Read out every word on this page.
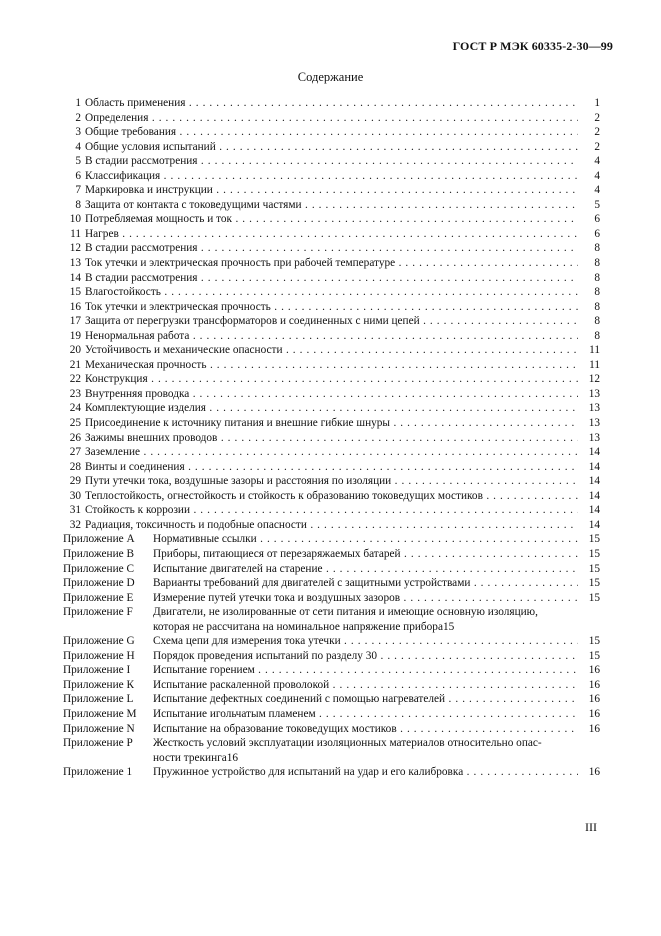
ГОСТ Р МЭК 60335-2-30—99
Содержание
1 Область применения . . .	1
2 Определения . . .	2
3 Общие требования . . .	2
4 Общие условия испытаний . . .	2
5 В стадии рассмотрения . . .	4
6 Классификация . . .	4
7 Маркировка и инструкции . . .	4
8 Защита от контакта с токоведущими частями . . .	5
10 Потребляемая мощность и ток . . .	6
11 Нагрев . . .	6
12 В стадии рассмотрения . . .	8
13 Ток утечки и электрическая прочность при рабочей температуре . . .	8
14 В стадии рассмотрения . . .	8
15 Влагостойкость . . .	8
16 Ток утечки и электрическая прочность . . .	8
17 Защита от перегрузки трансформаторов и соединенных с ними цепей . . .	8
19 Ненормальная работа . . .	8
20 Устойчивость и механические опасности . . .	11
21 Механическая прочность . . .	11
22 Конструкция . . .	12
23 Внутренняя проводка . . .	13
24 Комплектующие изделия . . .	13
25 Присоединение к источнику питания и внешние гибкие шнуры . . .	13
26 Зажимы внешних проводов . . .	13
27 Заземление . . .	14
28 Винты и соединения . . .	14
29 Пути утечки тока, воздушные зазоры и расстояния по изоляции . . .	14
30 Теплостойкость, огнестойкость и стойкость к образованию токоведущих мостиков . . .	14
31 Стойкость к коррозии . . .	14
32 Радиация, токсичность и подобные опасности . . .	14
Приложение А	Нормативные ссылки . . .	15
Приложение В	Приборы, питающиеся от перезаряжаемых батарей . . .	15
Приложение С	Испытание двигателей на старение . . .	15
Приложение D	Варианты требований для двигателей с защитными устройствами . . .	15
Приложение Е	Измерение путей утечки тока и воздушных зазоров . . .	15
Приложение F	Двигатели, не изолированные от сети питания и имеющие основную изоляцию,
которая не рассчитана на номинальное напряжение прибора 15
Приложение G	Схема цепи для измерения тока утечки . . .	15
Приложение Н	Порядок проведения испытаний по разделу 30 . . .	15
Приложение I	Испытание горением . . .	16
Приложение К	Испытание раскаленной проволокой . . .	16
Приложение L	Испытание дефектных соединений с помощью нагревателей . . .	16
Приложение М	Испытание игольчатым пламенем . . .	16
Приложение N	Испытание на образование токоведущих мостиков . . .	16
Приложение Р	Жесткость условий эксплуатации изоляционных материалов относительно опас-
ности трекинга 16
Приложение 1	Пружинное устройство для испытаний на удар и его калибровка . . .	16
III
